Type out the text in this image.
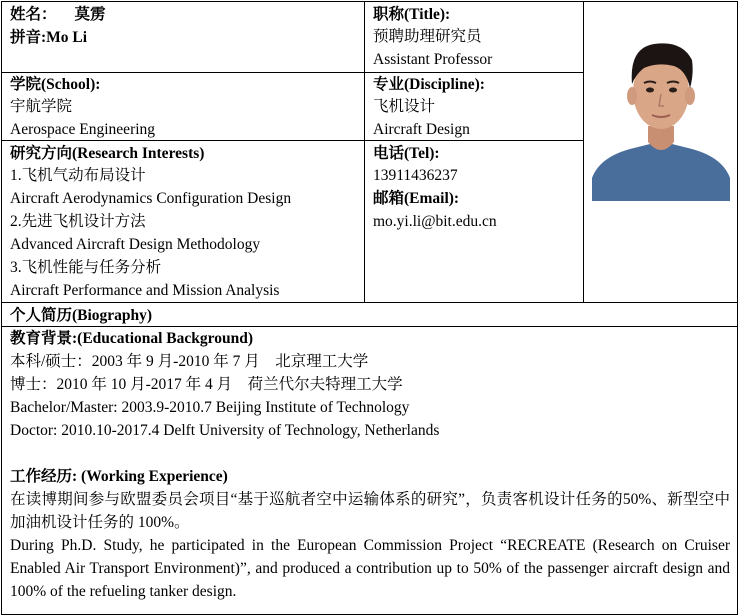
姓名： 莫雳
拼音:Mo Li
职称(Title):
预聘助理研究员
Assistant Professor
学院(School):
宇航学院
Aerospace Engineering
专业(Discipline):
飞机设计
Aircraft Design
研究方向(Research Interests)
1.飞机气动布局设计
Aircraft Aerodynamics Configuration Design
2.先进飞机设计方法
Advanced Aircraft Design Methodology
3.飞机性能与任务分析
Aircraft Performance and Mission Analysis
电话(Tel):
13911436237
邮箱(Email):
mo.yi.li@bit.edu.cn
个人简历(Biography)
教育背景:(Educational Background)
本科/硕士：2003 年 9 月-2010 年 7 月　北京理工大学
博士：2010 年 10 月-2017 年 4 月　荷兰代尔夫特理工大学
Bachelor/Master: 2003.9-2010.7 Beijing Institute of Technology
Doctor: 2010.10-2017.4 Delft University of Technology, Netherlands
工作经历: (Working Experience)
在读博期间参与欧盟委员会项目“基于巡航者空中运输体系的研究”，负责客机设计任务的50%、新型空中加油机设计任务的 100%。
During Ph.D. Study, he participated in the European Commission Project “RECREATE (Research on Cruiser Enabled Air Transport Environment)”, and produced a contribution up to 50% of the passenger aircraft design and 100% of the refueling tanker design.
